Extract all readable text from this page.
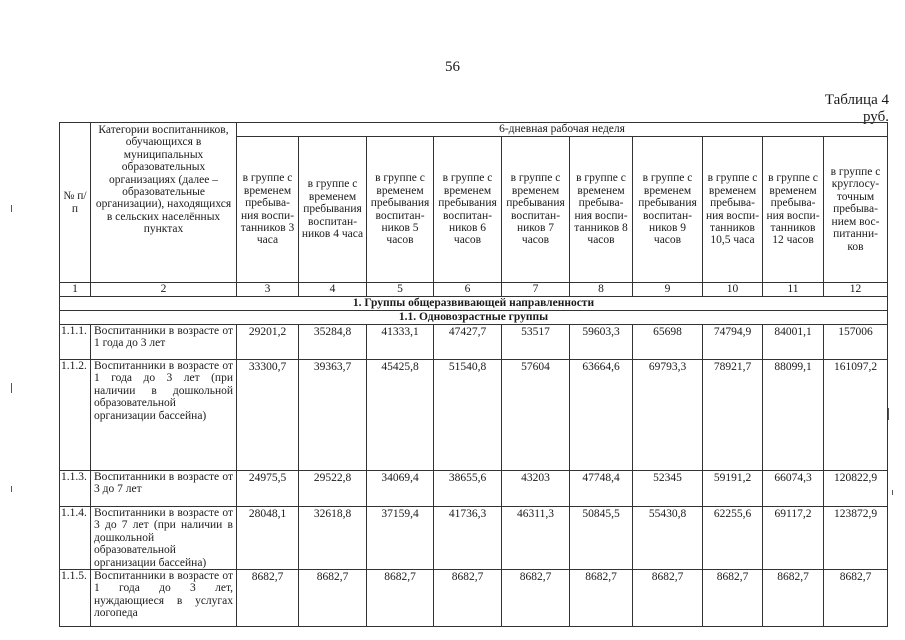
56
Таблица 4
руб.
№ п/п	Категории воспитанников, обучающихся в муниципальных образовательных организациях (далее – образовательные организации), находящихся в сельских населённых пунктах	6-дневная рабочая неделя									
		в группе с временем пребыва-ния воспи-танников 3 часа	в группе с временем пребывания воспитан-ников 4 часа	в группе с временем пребывания воспитан-ников 5 часов	в группе с временем пребывания воспитан-ников 6 часов	в группе с временем пребывания воспитан-ников 7 часов	в группе с временем пребыва-ния воспи-танников 8 часов	в группе с временем пребывания воспитан-ников 9 часов	в группе с временем пребыва-ния воспи-танников 10,5 часа	в группе с временем пребыва-ния воспи-танников 12 часов	в группе с круглосу-точным пребыва-нием вос-питанни-ков
1	2	3	4	5	6	7	8	9	10	11	12
1. Группы общеразвивающей направленности											
1.1. Одновозрастные группы											
1.1.1.	Воспитанники в возрасте от 1 года до 3 лет	29201,2	35284,8	41333,1	47427,7	53517	59603,3	65698	74794,9	84001,1	157006
1.1.2.	Воспитанники в возрасте от 1 года до 3 лет (при наличии в дошкольной образовательной организации бассейна)	33300,7	39363,7	45425,8	51540,8	57604	63664,6	69793,3	78921,7	88099,1	161097,2
1.1.3.	Воспитанники в возрасте от 3 до 7 лет	24975,5	29522,8	34069,4	38655,6	43203	47748,4	52345	59191,2	66074,3	120822,9
1.1.4.	Воспитанники в возрасте от 3 до 7 лет (при наличии в дошкольной образовательной организации бассейна)	28048,1	32618,8	37159,4	41736,3	46311,3	50845,5	55430,8	62255,6	69117,2	123872,9
1.1.5.	Воспитанники в возрасте от 1 года до 3 лет, нуждающиеся в услугах логопеда	8682,7	8682,7	8682,7	8682,7	8682,7	8682,7	8682,7	8682,7	8682,7	8682,7
